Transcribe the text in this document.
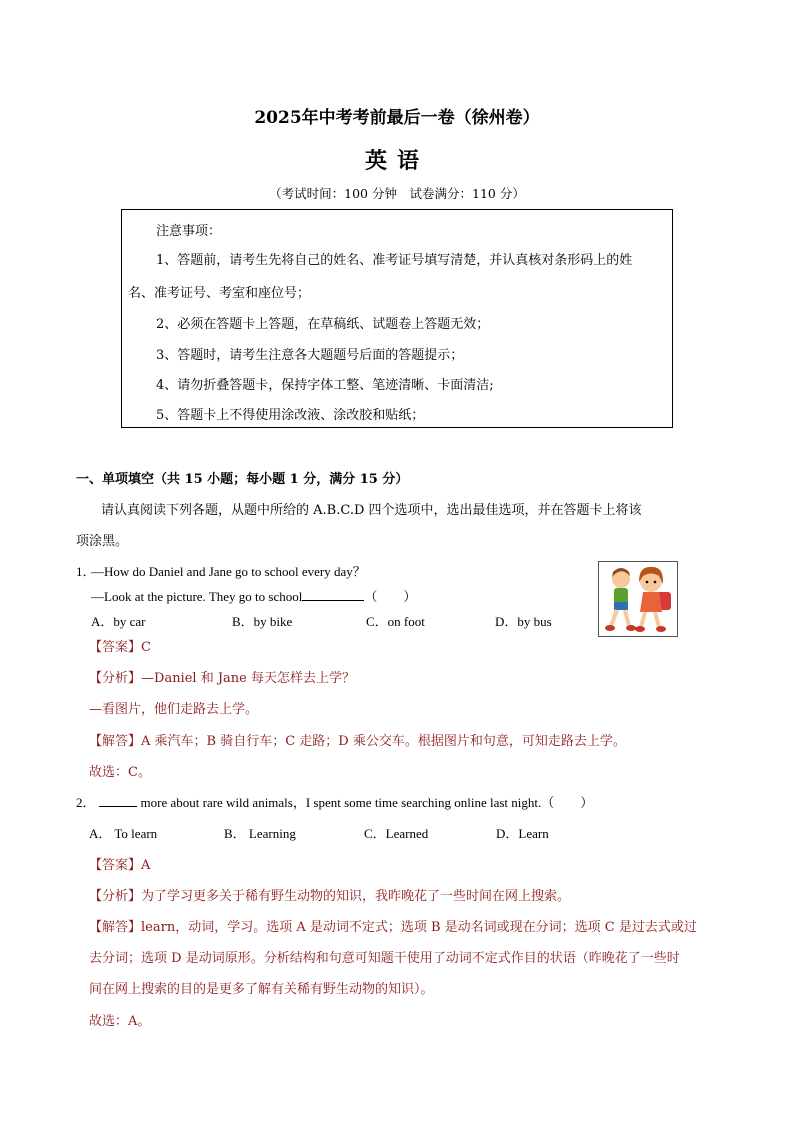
2025年中考考前最后一卷（徐州卷）
英语
（考试时间：100 分钟　试卷满分：110 分）
注意事项：
1、答题前，请考生先将自己的姓名、准考证号填写清楚，并认真核对条形码上的姓
名、准考证号、考室和座位号；
2、必须在答题卡上答题，在草稿纸、试题卷上答题无效；
3、答题时，请考生注意各大题题号后面的答题提示；
4、请勿折叠答题卡，保持字体工整、笔迹清晰、卡面清洁;
5、答题卡上不得使用涂改液、涂改胶和贴纸；
一、单项填空（共 15 小题；每小题 1 分，满分 15 分）
请认真阅读下列各题，从题中所给的 A.B.C.D 四个选项中，选出最佳选项，并在答题卡上将该
项涂黑。
1．
—How do Daniel and Jane go to school every day？
—Look at the picture. They go to school	（　　）
A．by car	B．by bike	C．on foot	D．by bus
【答案】C
【分析】—Daniel 和 Jane 每天怎样去上学？
—看图片，他们走路去上学。
【解答】A 乘汽车；B 骑自行车；C 走路；D 乘公交车。根据图片和句意，可知走路去上学。
故选：C。
2．	more about rare wild animals，I spent some time searching online last night.（　　）
A． To learn	B． Learning	C．Learned	D．Learn
【答案】A
【分析】为了学习更多关于稀有野生动物的知识，我昨晚花了一些时间在网上搜索。
【解答】learn，动词，学习。选项 A 是动词不定式；选项 B 是动名词或现在分词；选项 C 是过去式或过
去分词；选项 D 是动词原形。分析结构和句意可知题干使用了动词不定式作目的状语（昨晚花了一些时
间在网上搜索的目的是更多了解有关稀有野生动物的知识）。
故选：A。
